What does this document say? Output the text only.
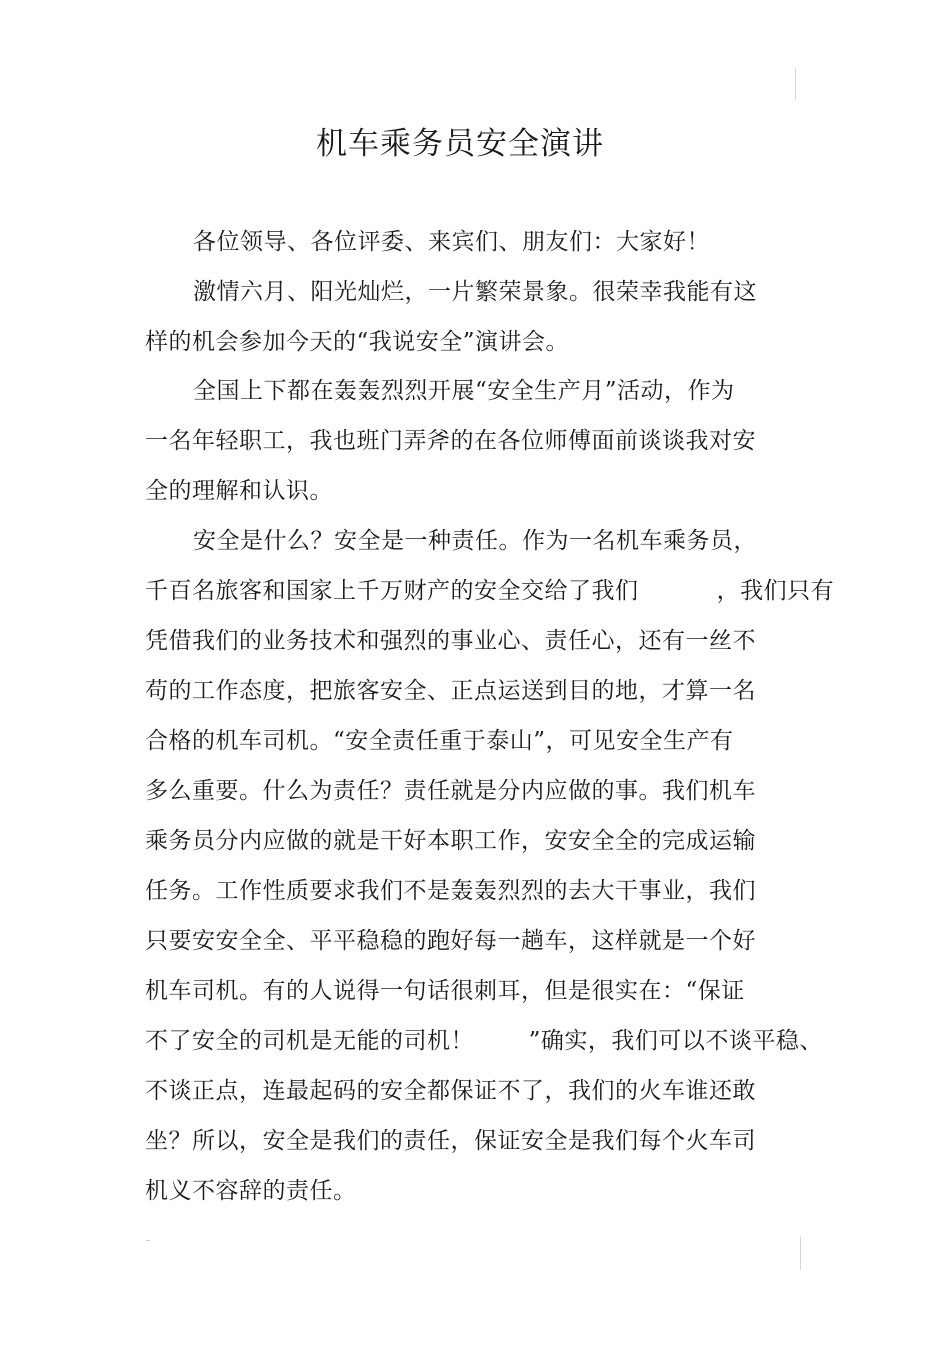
机车乘务员安全演讲
各位领导、各位评委、来宾们、朋友们：大家好！
激情六月、阳光灿烂，一片繁荣景象。很荣幸我能有这
样的机会参加今天的“我说安全”演讲会。
全国上下都在轰轰烈烈开展“安全生产月”活动，作为
一名年轻职工，我也班门弄斧的在各位师傅面前谈谈我对安
全的理解和认识。
安全是什么？安全是一种责任。作为一名机车乘务员，
千百名旅客和国家上千万财产的安全交给了我们          ，我们只有
凭借我们的业务技术和强烈的事业心、责任心，还有一丝不
苟的工作态度，把旅客安全、正点运送到目的地，才算一名
合格的机车司机。“安全责任重于泰山”，可见安全生产有
多么重要。什么为责任？责任就是分内应做的事。我们机车
乘务员分内应做的就是干好本职工作，安安全全的完成运输
任务。工作性质要求我们不是轰轰烈烈的去大干事业，我们
只要安安全全、平平稳稳的跑好每一趟车，这样就是一个好
机车司机。有的人说得一句话很刺耳，但是很实在：“保证
不了安全的司机是无能的司机！       ”确实，我们可以不谈平稳、
不谈正点，连最起码的安全都保证不了，我们的火车谁还敢
坐？所以，安全是我们的责任，保证安全是我们每个火车司
机义不容辞的责任。
